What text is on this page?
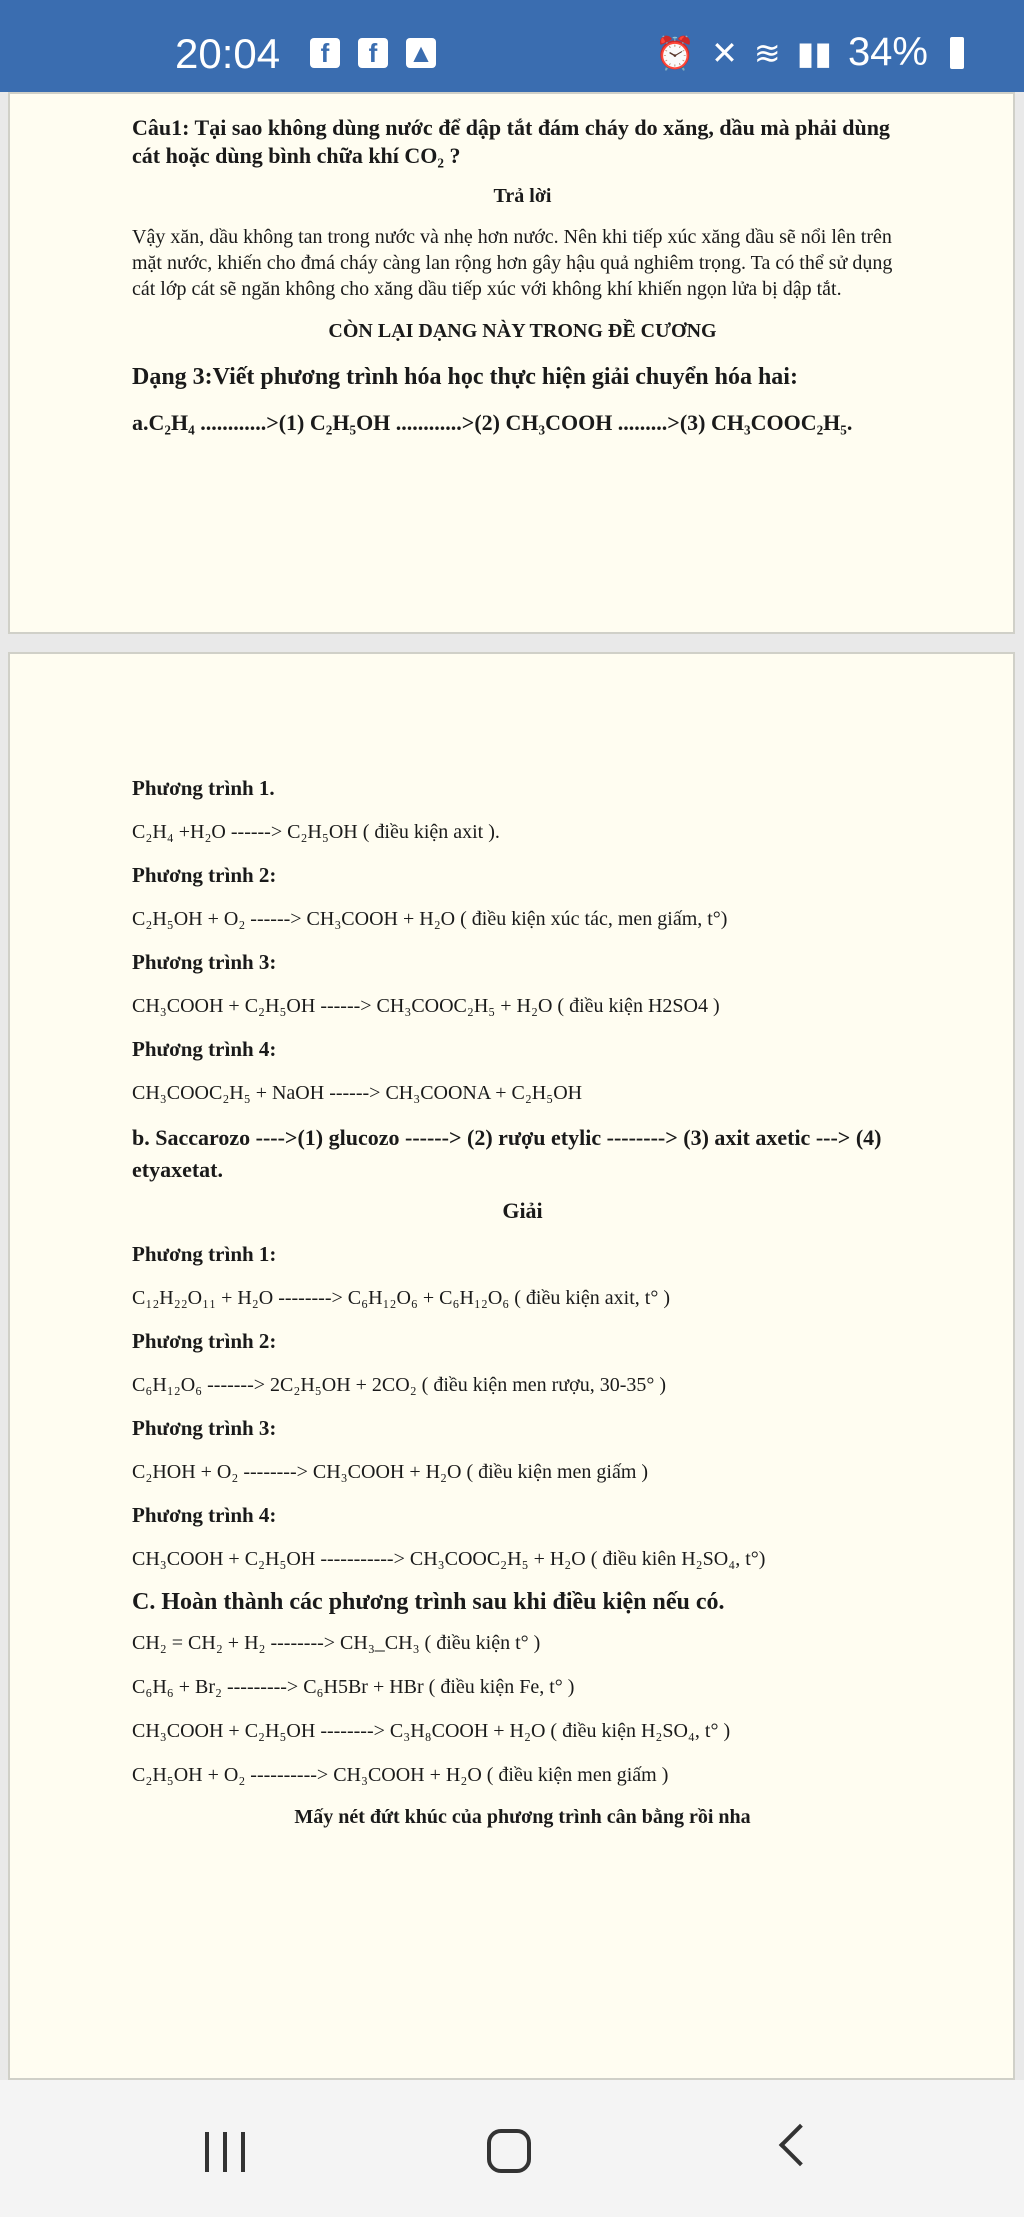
20:04	f	f	▲	⏰ ✕ ≋ ▮▮ 34%

Câu1: Tại sao không dùng nước để dập tắt đám cháy do xăng, dầu mà phải dùng cát hoặc dùng bình chữa khí CO₂ ?

Trả lời

Vậy xăn, dầu không tan trong nước và nhẹ hơn nước. Nên khi tiếp xúc xăng dầu sẽ nổi lên trên mặt nước, khiến cho đmá cháy càng lan rộng hơn gây hậu quả nghiêm trọng. Ta có thể sử dụng cát lớp cát sẽ ngăn không cho xăng dầu tiếp xúc với không khí khiến ngọn lửa bị dập tắt.

CÒN LẠI DẠNG NÀY TRONG ĐỀ CƯƠNG

Dạng 3:Viết phương trình hóa học thực hiện giải chuyển hóa hai:

a.C₂H₄ ............>(1) C₂H₅OH ............>(2) CH₃COOH .........>(3) CH₃COOC₂H₅.

Phương trình 1.

C₂H₄ +H₂O ------> C₂H₅OH ( điều kiện axit ).

Phương trình 2:

C₂H₅OH + O₂ ------> CH₃COOH + H₂O ( điều kiện xúc tác, men giấm, t°)

Phương trình 3:

CH₃COOH + C₂H₅OH ------> CH₃COOC₂H₅ + H₂O ( điều kiện H2SO4 )

Phương trình 4:

CH₃COOC₂H₅ + NaOH ------> CH₃COONA + C₂H₅OH

b. Saccarozo ---->(1) glucozo ------> (2) rượu etylic --------> (3) axit axetic ---> (4) etyaxetat.

Giải

Phương trình 1:

C₁₂H₂₂O₁₁ + H₂O --------> C₆H₁₂O₆ + C₆H₁₂O₆ ( điều kiện axit, t° )

Phương trình 2:

C₆H₁₂O₆ -------> 2C₂H₅OH + 2CO₂ ( điều kiện men rượu, 30-35° )

Phương trình 3:

C₂HOH + O₂ --------> CH₃COOH + H₂O ( điều kiện men giấm )

Phương trình 4:

CH₃COOH + C₂H₅OH -----------> CH₃COOC₂H₅ + H₂O ( điều kiên H₂SO₄, t°)

C. Hoàn thành các phương trình sau khi điều kiện nếu có.

CH₂ = CH₂ + H₂ --------> CH₃_CH₃ ( điều kiện t° )

C₆H₆ + Br₂ ---------> C₆H5Br + HBr ( điều kiện Fe, t° )

CH₃COOH + C₂H₅OH --------> C₃H₈COOH + H₂O ( điều kiện H₂SO₄, t° )

C₂H₅OH + O₂ ----------> CH₃COOH + H₂O ( điều kiện men giấm )

Mấy nét đứt khúc của phương trình cân bằng rồi nha
